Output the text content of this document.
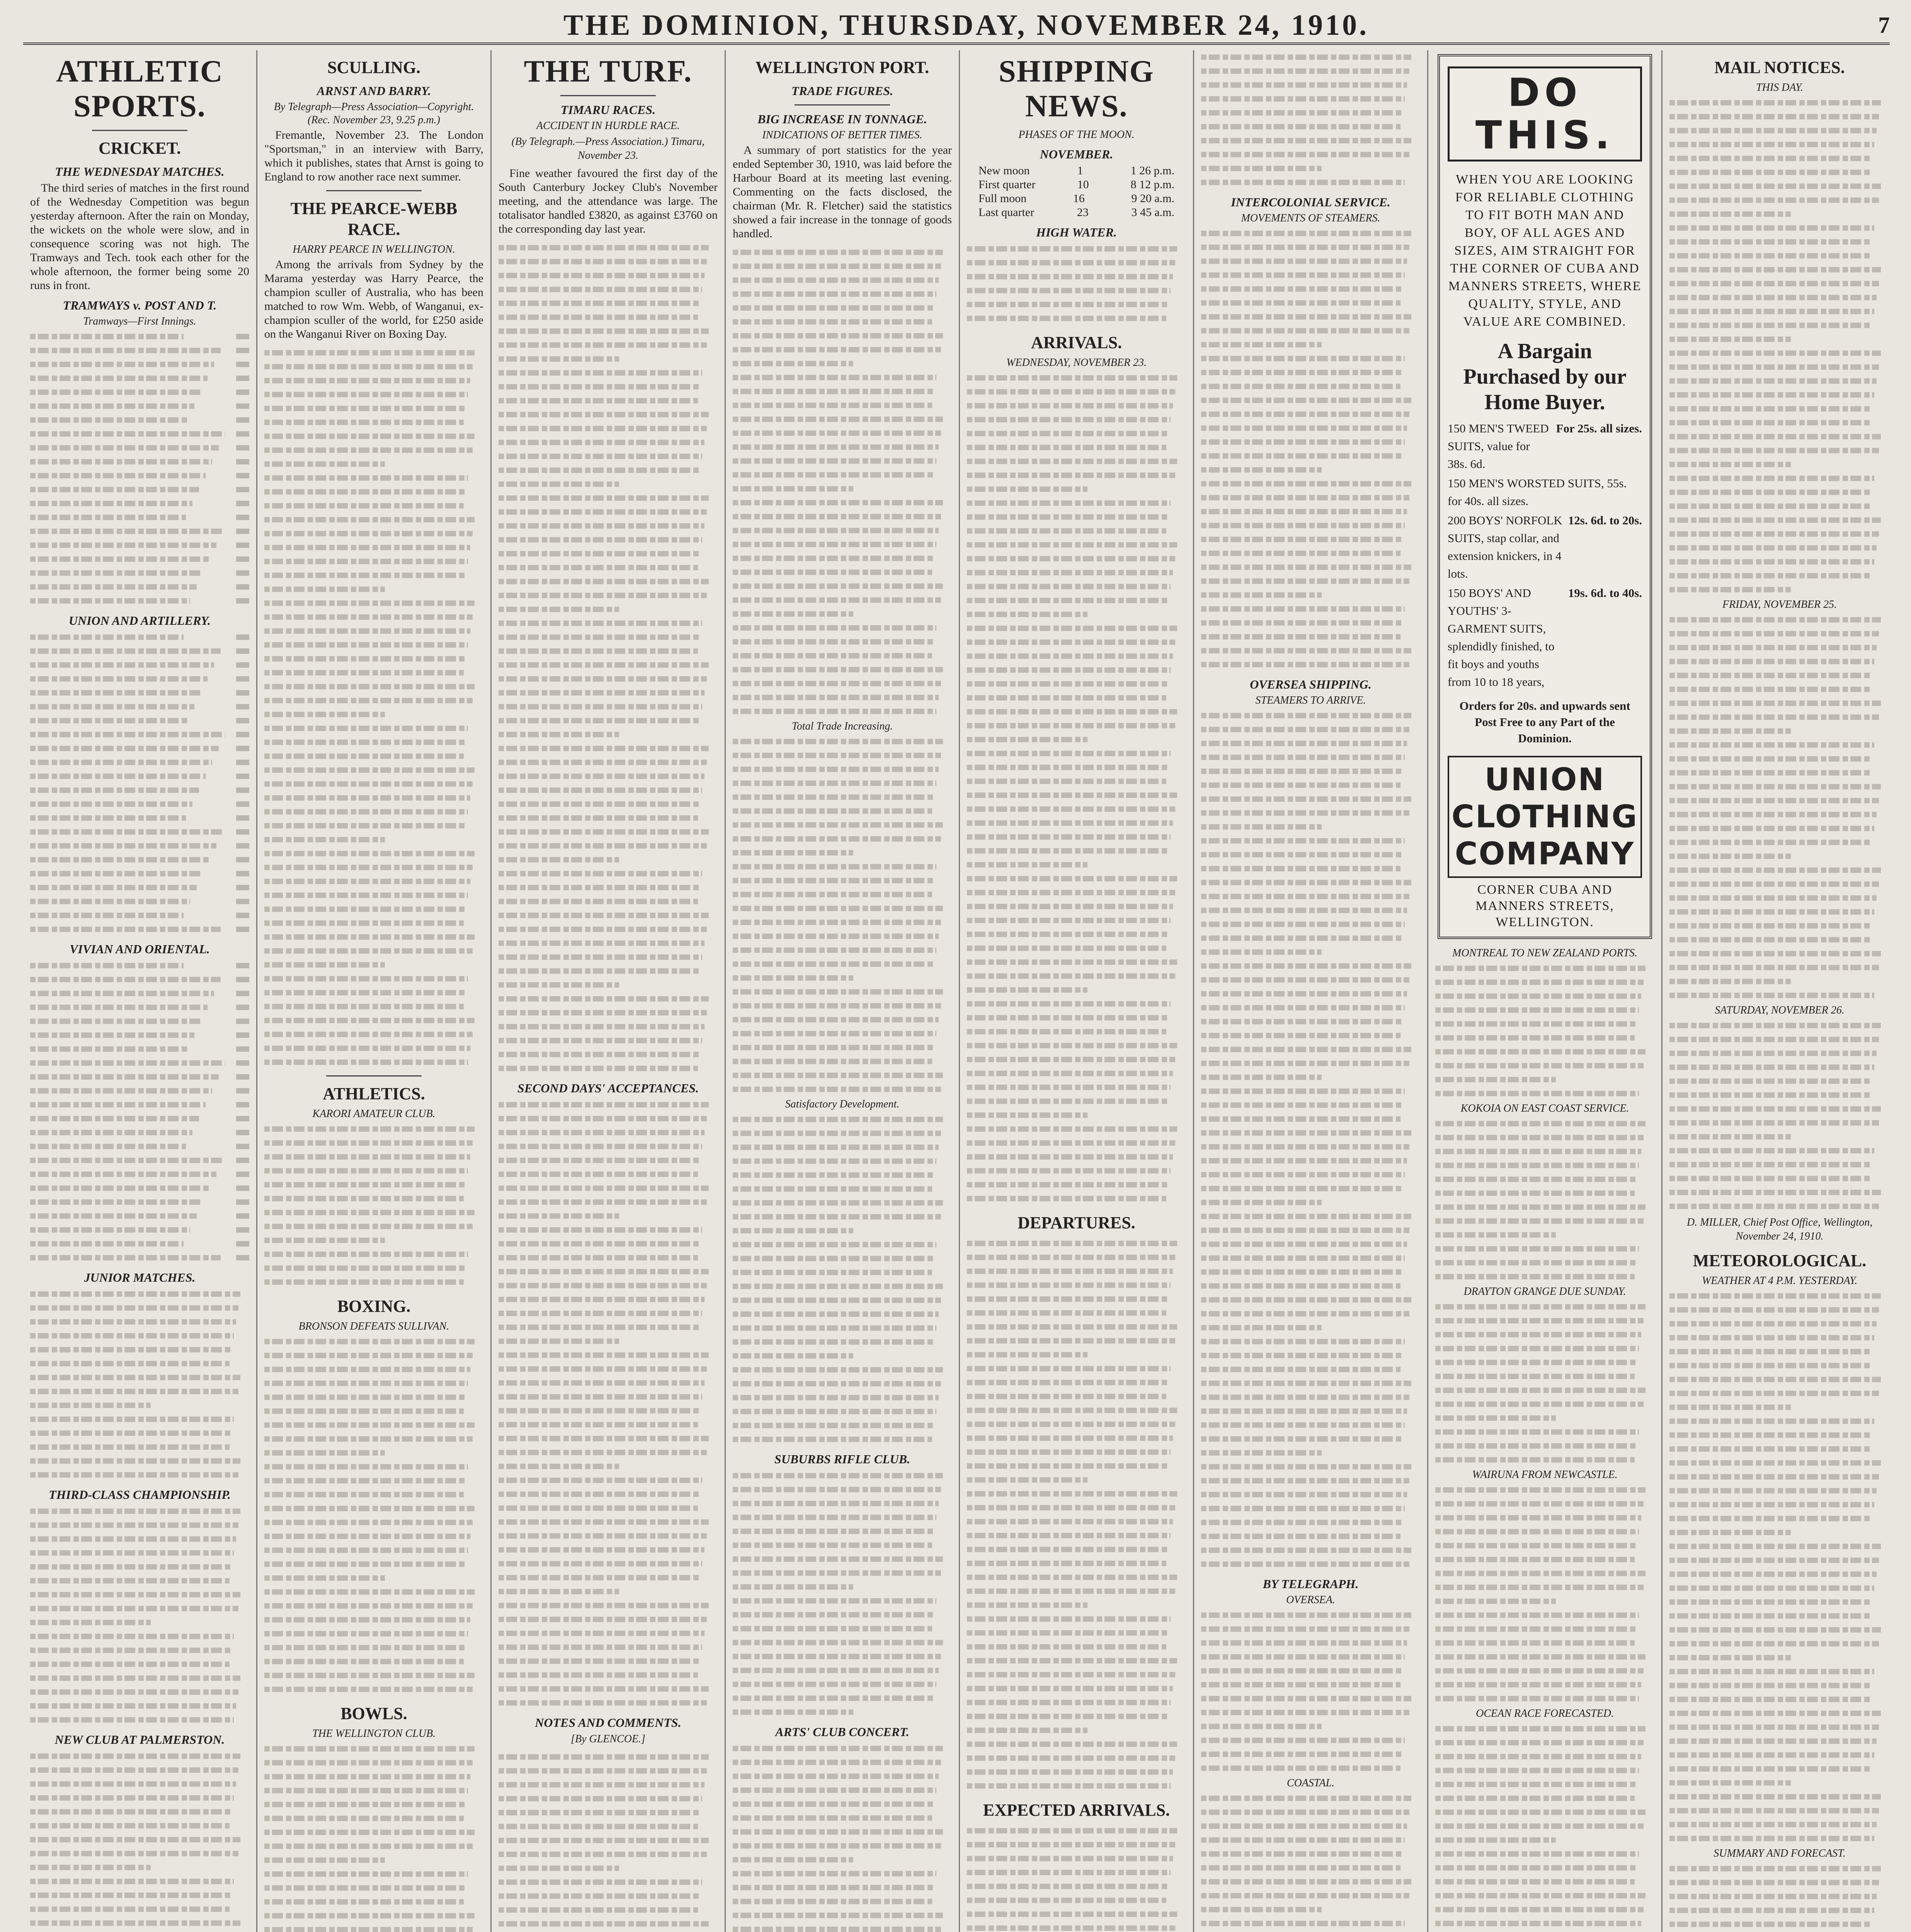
THE DOMINION, THURSDAY, NOVEMBER 24, 1910.	7
ATHLETIC SPORTS.
CRICKET.
THE WEDNESDAY MATCHES.

The third series of matches in the first round of the Wednesday Competition was begun yesterday afternoon. After the rain on Monday, the wickets on the whole were slow, and in consequence scoring was not high. The Tramways and Tech. took each other for the whole afternoon, the former being some 20 runs in front.

TRAMWAYS v. POST AND T.
Tramways—First Innings.
UNION AND ARTILLERY.
VIVIAN AND ORIENTAL.
JUNIOR MATCHES.
THIRD-CLASS CHAMPIONSHIP.
NEW CLUB AT PALMERSTON.

SCULLING.
ARNST AND BARRY.
By Telegraph—Press Association—Copyright. (Rec. November 23, 9.25 p.m.)

Fremantle, November 23. The London "Sportsman," in an interview with Barry, which it publishes, states that Arnst is going to England to row another race next summer.

THE PEARCE-WEBB RACE.
HARRY PEARCE IN WELLINGTON.

Among the arrivals from Sydney by the Marama yesterday was Harry Pearce, the champion sculler of Australia, who has been matched to row Wm. Webb, of Wanganui, ex-champion sculler of the world, for £250 aside on the Wanganui River on Boxing Day.

ATHLETICS.
KARORI AMATEUR CLUB.
BOXING.
BRONSON DEFEATS SULLIVAN.
BOWLS.
THE WELLINGTON CLUB.
THE TURF.
TIMARU RACES.
ACCIDENT IN HURDLE RACE.
(By Telegraph.—Press Association.) Timaru, November 23.

Fine weather favoured the first day of the South Canterbury Jockey Club's November meeting, and the attendance was large. The totalisator handled £3820, as against £3760 on the corresponding day last year.

SECOND DAYS' ACCEPTANCES.
NOTES AND COMMENTS.
[By GLENCOE.]
WELLINGTON PORT.
TRADE FIGURES.
BIG INCREASE IN TONNAGE.
INDICATIONS OF BETTER TIMES.

A summary of port statistics for the year ended September 30, 1910, was laid before the Harbour Board at its meeting last evening. Commenting on the facts disclosed, the chairman (Mr. R. Fletcher) said the statistics showed a fair increase in the tonnage of goods handled.

Total Trade Increasing.
Satisfactory Development.
SUBURBS RIFLE CLUB.
ARTS' CLUB CONCERT.
SHIPPING NEWS.
PHASES OF THE MOON.
NOVEMBER.
New moon	1	1 26 p.m.
First quarter	10	8 12 p.m.
Full moon	16	9 20 a.m.
Last quarter	23	3 45 a.m.
HIGH WATER.
ARRIVALS.
WEDNESDAY, NOVEMBER 23.
DEPARTURES.
EXPECTED ARRIVALS.
INTERCOLONIAL SERVICE.
MOVEMENTS OF STEAMERS.
OVERSEA SHIPPING.
STEAMERS TO ARRIVE.
BY TELEGRAPH.
OVERSEA.
COASTAL.
DO THIS.
WHEN YOU ARE LOOKING FOR RELIABLE CLOTHING TO FIT BOTH MAN AND BOY, OF ALL AGES AND SIZES, AIM STRAIGHT FOR THE CORNER OF CUBA AND MANNERS STREETS, WHERE QUALITY, STYLE, AND VALUE ARE COMBINED.
A Bargain Purchased by our Home Buyer.
150 MEN'S TWEED SUITS, value for 38s. 6d.
For 25s. all sizes.
150 MEN'S WORSTED SUITS, 55s. for 40s. all sizes.
200 BOYS' NORFOLK SUITS, stap collar, and extension knickers, in 4 lots.
12s. 6d. to 20s.
150 BOYS' AND YOUTHS' 3-GARMENT SUITS, splendidly finished, to fit boys and youths from 10 to 18 years,
19s. 6d. to 40s.
Orders for 20s. and upwards sent Post Free to any Part of the Dominion.
UNION CLOTHING COMPANY
CORNER CUBA AND MANNERS STREETS, WELLINGTON.
MONTREAL TO NEW ZEALAND PORTS.
KOKOIA ON EAST COAST SERVICE.
DRAYTON GRANGE DUE SUNDAY.
WAIRUNA FROM NEWCASTLE.
OCEAN RACE FORECASTED.
MAIL NOTICES.
THIS DAY.
FRIDAY, NOVEMBER 25.
SATURDAY, NOVEMBER 26.
D. MILLER, Chief Post Office, Wellington, November 24, 1910.
METEOROLOGICAL.
WEATHER AT 4 P.M. YESTERDAY.
SUMMARY AND FORECAST.
